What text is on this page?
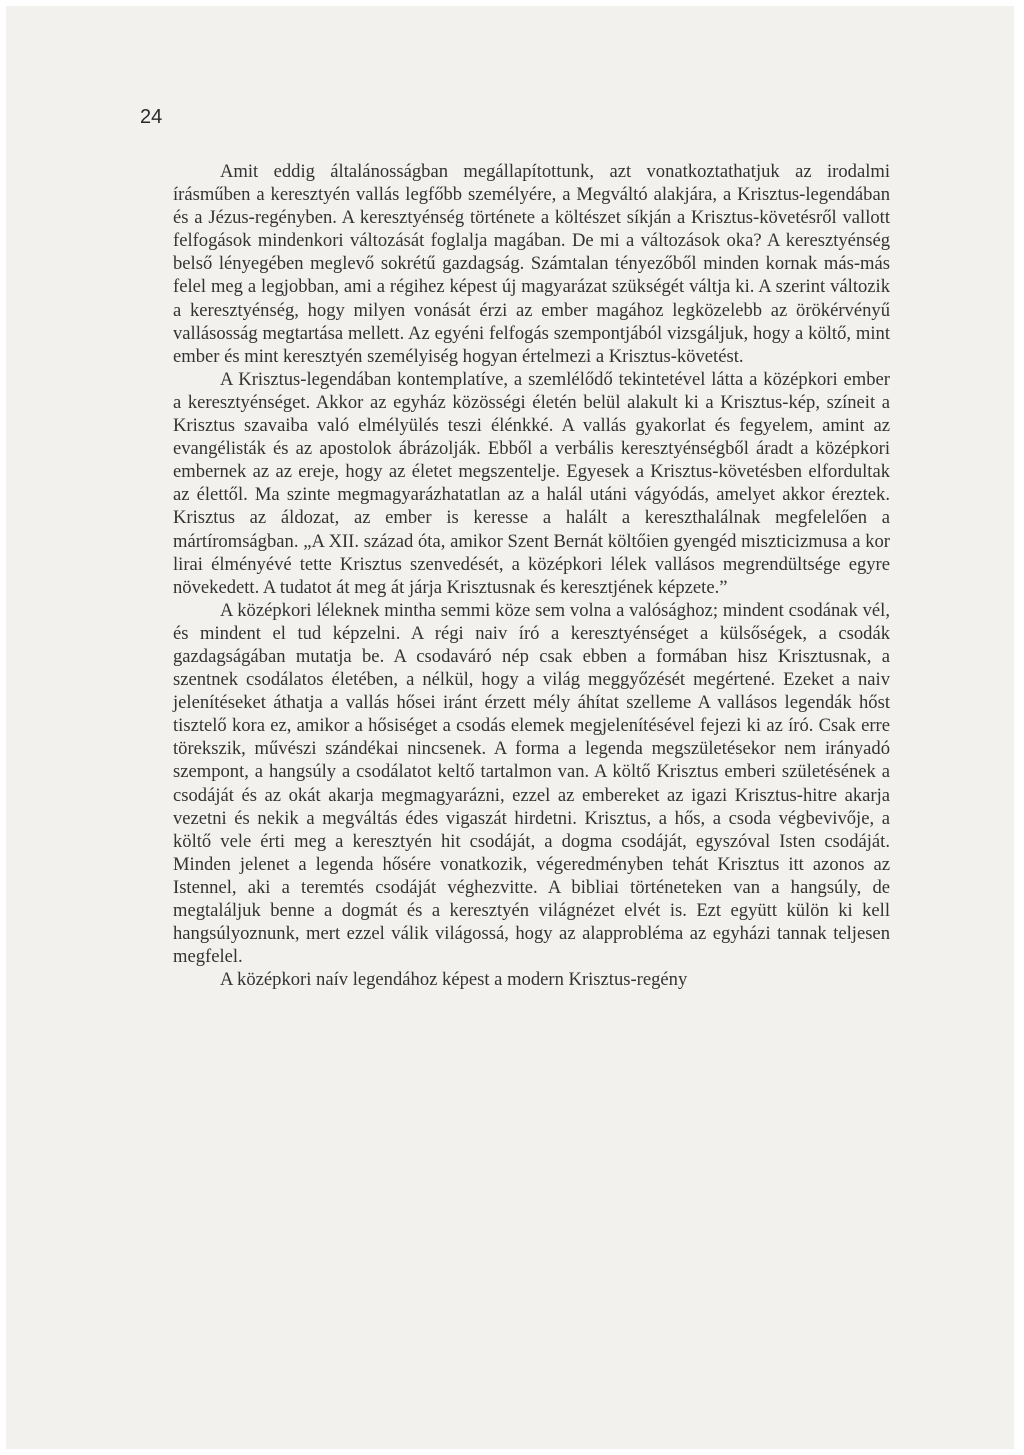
24

Amit eddig általánosságban megállapítottunk, azt vonatkoztathatjuk az irodalmi írásműben a keresztyén vallás legfőbb személyére, a Megváltó alakjára, a Krisztus-legendában és a Jézus-regényben. A keresztyénség története a költészet síkján a Krisztus-követésről vallott felfogások mindenkori változását foglalja magában. De mi a változások oka? A keresztyénség belső lényegében meglevő sokrétű gazdagság. Számtalan tényezőből minden kornak más-más felel meg a legjobban, ami a régihez képest új magyarázat szükségét váltja ki. A szerint változik a keresztyénség, hogy milyen vonását érzi az ember magához legközelebb az örökérvényű vallásosság megtartása mellett. Az egyéni felfogás szempontjából vizsgáljuk, hogy a költő, mint ember és mint keresztyén személyiség hogyan értelmezi a Krisztus-követést.

A Krisztus-legendában kontemplatíve, a szemlélődő tekintetével látta a középkori ember a keresztyénséget. Akkor az egyház közösségi életén belül alakult ki a Krisztus-kép, színeit a Krisztus szavaiba való elmélyülés teszi élénkké. A vallás gyakorlat és fegyelem, amint az evangélisták és az apostolok ábrázolják. Ebből a verbális keresztyénségből áradt a középkori embernek az az ereje, hogy az életet megszentelje. Egyesek a Krisztus-követésben elfordultak az élettől. Ma szinte megmagyarázhatatlan az a halál utáni vágyódás, amelyet akkor éreztek. Krisztus az áldozat, az ember is keresse a halált a kereszthalálnak megfelelően a mártíromságban. „A XII. század óta, amikor Szent Bernát költőien gyengéd miszticizmusa a kor lirai élményévé tette Krisztus szenvedését, a középkori lélek vallásos megrendültsége egyre növekedett. A tudatot át meg át járja Krisztusnak és keresztjének képzete.”

A középkori léleknek mintha semmi köze sem volna a valósághoz; mindent csodának vél, és mindent el tud képzelni. A régi naiv író a keresztyénséget a külsőségek, a csodák gazdagságában mutatja be. A csodaváró nép csak ebben a formában hisz Krisztusnak, a szentnek csodálatos életében, a nélkül, hogy a világ meggyőzését megértené. Ezeket a naiv jelenítéseket áthatja a vallás hősei iránt érzett mély áhítat szelleme A vallásos legendák hőst tisztelő kora ez, amikor a hősiséget a csodás elemek megjelenítésével fejezi ki az író. Csak erre törekszik, művészi szándékai nincsenek. A forma a legenda megszületésekor nem irányadó szempont, a hangsúly a csodálatot keltő tartalmon van. A költő Krisztus emberi születésének a csodáját és az okát akarja megmagyarázni, ezzel az embereket az igazi Krisztus-hitre akarja vezetni és nekik a megváltás édes vigaszát hirdetni. Krisztus, a hős, a csoda végbevivője, a költő vele érti meg a keresztyén hit csodáját, a dogma csodáját, egyszóval Isten csodáját. Minden jelenet a legenda hősére vonatkozik, végeredményben tehát Krisztus itt azonos az Istennel, aki a teremtés csodáját véghezvitte. A bibliai történeteken van a hangsúly, de megtaláljuk benne a dogmát és a keresztyén világnézet elvét is. Ezt együtt külön ki kell hangsúlyoznunk, mert ezzel válik világossá, hogy az alapprobléma az egyházi tannak teljesen megfelel.

A középkori naív legendához képest a modern Krisztus-regény
